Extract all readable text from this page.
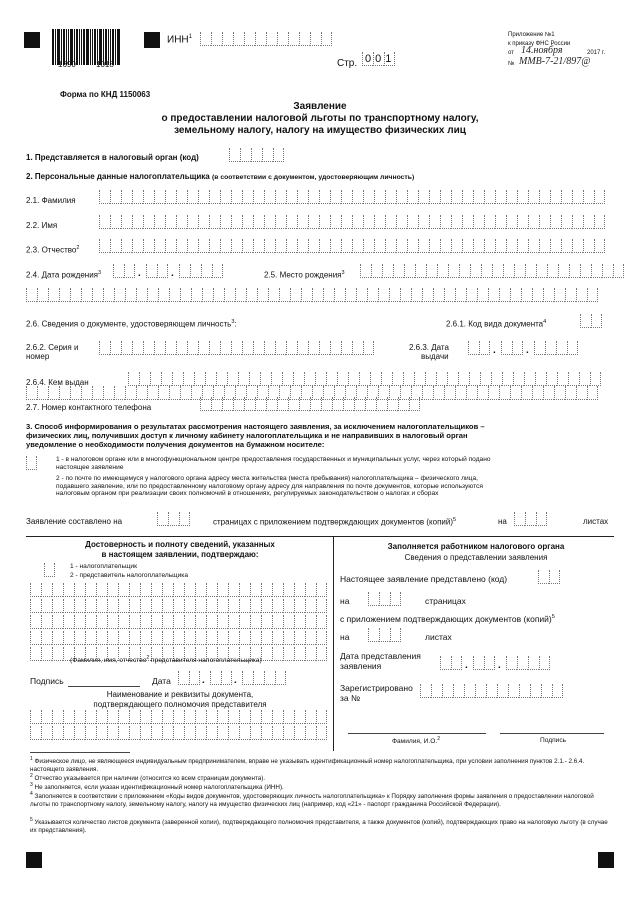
1690	1018
ИНН$^1$
Стр. 001
Приложение №1
к приказу ФНС России
от 14.ноября	2017 г.
№ ММВ-7-21/897@
Форма по КНД 1150063
Заявление
о предоставлении налоговой льготы по транспортному налогу,
земельному налогу, налогу на имущество физических лиц
1. Представляется в налоговый орган (код)
2. Персональные данные налогоплательщика (в соответствии с документом, удостоверяющим личность)
2.1. Фамилия
2.2. Имя
2.3. Отчество$^2$
2.4. Дата рождения$^3$	.	.	2.5. Место рождения$^3$
2.6. Сведения о документе, удостоверяющем личность$^3$:	2.6.1. Код вида документа$^4$
2.6.2. Серия и
номер
2.6.3. Дата
выдачи
.	.
2.6.4. Кем выдан
2.7. Номер контактного телефона
3. Способ информирования о результатах рассмотрения настоящего заявления, за исключением налогоплательщиков –
физических лиц, получивших доступ к личному кабинету налогоплательщика и не направивших в налоговый орган
уведомление о необходимости получения документов на бумажном носителе:
1 - в налоговом органе или в многофункциональном центре предоставления государственных и муниципальных услуг, через который подано
настоящее заявление
2 - по почте по имеющемуся у налогового органа адресу места жительства (места пребывания) налогоплательщика – физического лица,
подавшего заявление, или по предоставленному налоговому органу адресу для направления по почте документов, которые используются
налоговым органом при реализации своих полномочий в отношениях, регулируемых законодательством о налогах и сборах
Заявление составлено на	страницах с приложением подтверждающих документов (копий)$^5$	на	листах
Достоверность и полноту сведений, указанных
в настоящем заявлении, подтверждаю:
1 - налогоплательщик
2 - представитель налогоплательщика
(Фамилия, имя, отчество$^2$ представителя налогоплательщика)
Подпись	Дата	.	.
Наименование и реквизиты документа,
подтверждающего полномочия представителя
Заполняется работником налогового органа
Сведения о представлении заявления
Настоящее заявление представлено (код)
на	страницах
с приложением подтверждающих документов (копий)$^5$
на	листах
Дата представления
заявления	.	.
Зарегистрировано
за №
Фамилия, И.О.$^2$	Подпись
$^1$ Физическое лицо, не являющееся индивидуальным предпринимателем, вправе не указывать идентификационный номер налогоплательщика, при условии заполнения пунктов 2.1.- 2.6.4. настоящего заявления.
$^2$ Отчество указывается при наличии (относится ко всем страницам документа).
$^3$ Не заполняется, если указан идентификационный номер налогоплательщика (ИНН).
$^4$ Заполняется в соответствии с приложением «Коды видов документов, удостоверяющих личность налогоплательщика» к Порядку заполнения формы заявления о предоставлении налоговой льготы по транспортному налогу, земельному налогу, налогу на имущество физических лиц (например, код «21» - паспорт гражданина Российской Федерации).
$^5$ Указывается количество листов документа (заверенной копии), подтверждающего полномочия представителя, а также документов (копий), подтверждающих право на налоговую льготу (в случае их представления).
